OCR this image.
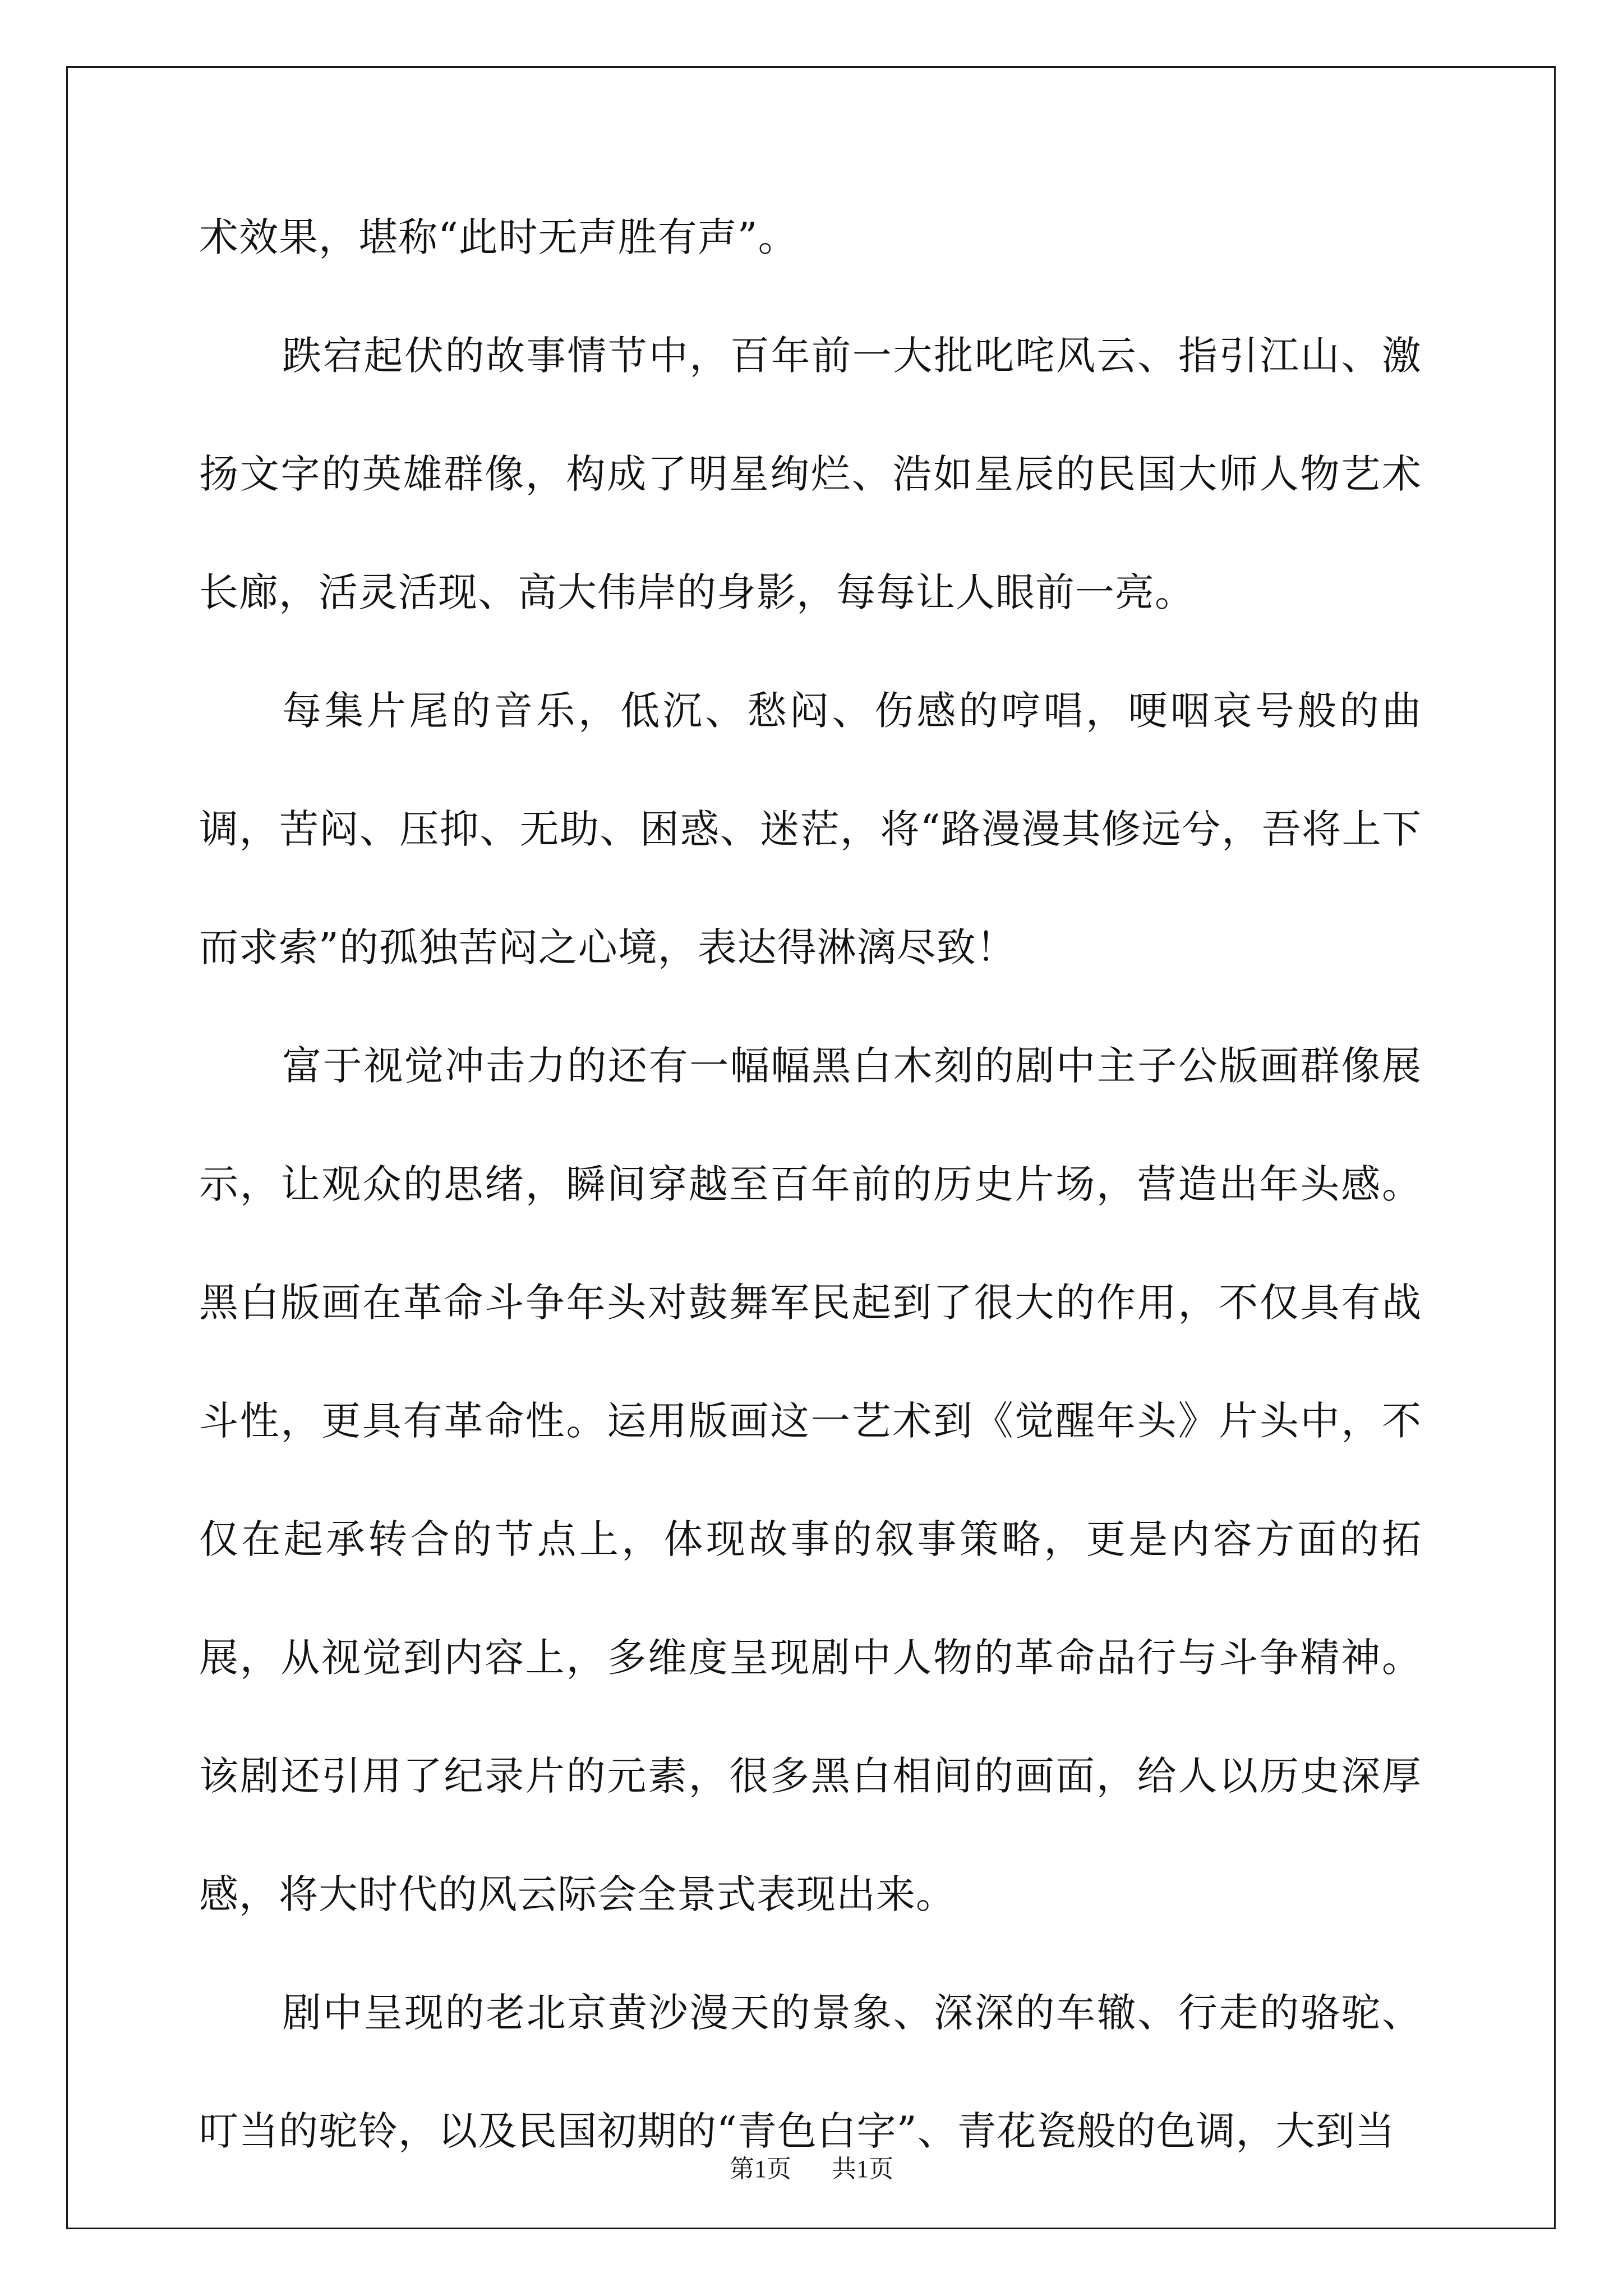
术效果，堪称“此时无声胜有声”。

跌宕起伏的故事情节中，百年前一大批叱咤风云、指引江山、激扬文字的英雄群像，构成了明星绚烂、浩如星辰的民国大师人物艺术长廊，活灵活现、高大伟岸的身影，每每让人眼前一亮。

每集片尾的音乐，低沉、愁闷、伤感的哼唱，哽咽哀号般的曲调，苦闷、压抑、无助、困惑、迷茫，将“路漫漫其修远兮，吾将上下而求索”的孤独苦闷之心境，表达得淋漓尽致！

富于视觉冲击力的还有一幅幅黑白木刻的剧中主子公版画群像展示，让观众的思绪，瞬间穿越至百年前的历史片场，营造出年头感。黑白版画在革命斗争年头对鼓舞军民起到了很大的作用，不仅具有战斗性，更具有革命性。运用版画这一艺术到《觉醒年头》片头中，不仅在起承转合的节点上，体现故事的叙事策略，更是内容方面的拓展，从视觉到内容上，多维度呈现剧中人物的革命品行与斗争精神。该剧还引用了纪录片的元素，很多黑白相间的画面，给人以历史深厚感，将大时代的风云际会全景式表现出来。

剧中呈现的老北京黄沙漫天的景象、深深的车辙、行走的骆驼、叮当的驼铃，以及民国初期的“青色白字”、青花瓷般的色调，大到当

第1页 共1页
